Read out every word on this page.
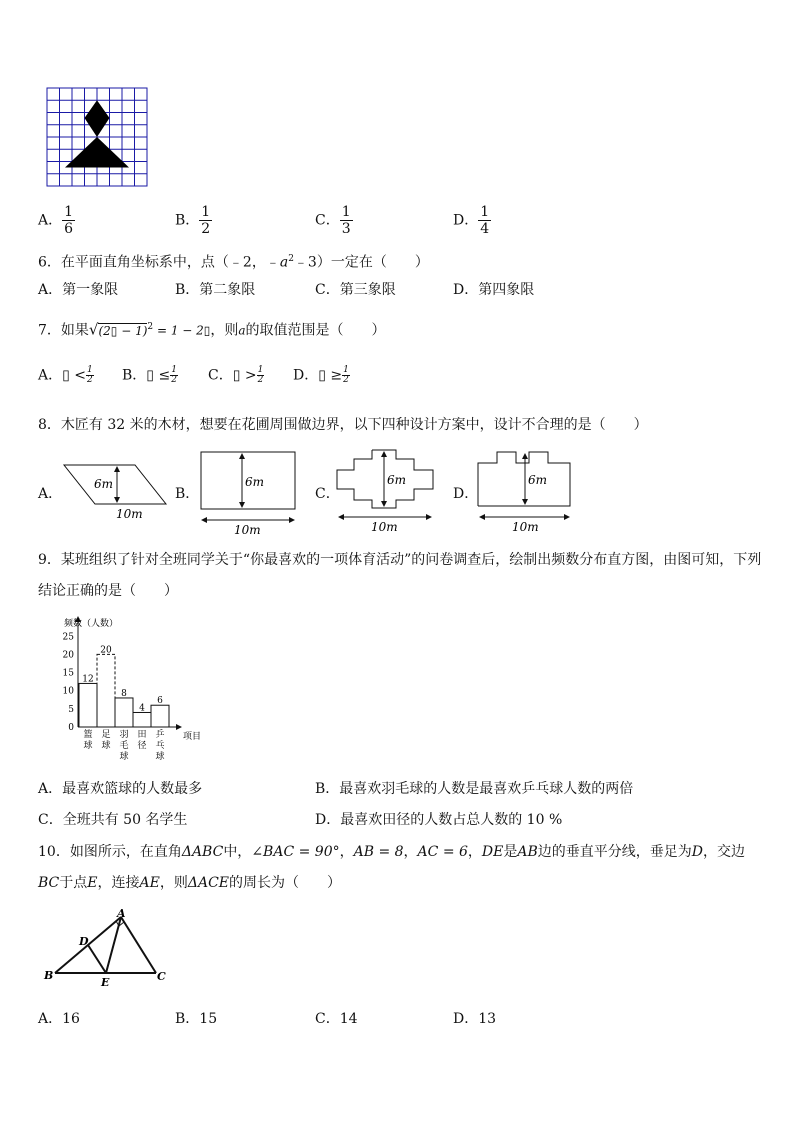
A． $\frac{1}{6}$	B． $\frac{1}{2}$	C． $\frac{1}{3}$	D． $\frac{1}{4}$
6．在平面直角坐标系中，点（﹣2，$﹣a^2﹣3$）一定在（　　）
A．第一象限	B．第二象限	C．第三象限	D．第四象限
7．如果√(2▯ − 1)$^2$ = 1 − 2▯，则a的取值范围是（　　）
A．▯ < $\frac{1}{2}$ B．▯ ≤ $\frac{1}{2}$ C．▯ > $\frac{1}{2}$ D．▯ ≥ $\frac{1}{2}$
8．木匠有 32 米的木材，想要在花圃周围做边界，以下四种设计方案中，设计不合理的是（　　）
A．
6m
10m
B．
6m
10m
C．
6m
10m
D．
6m
10m
9．某班组织了针对全班同学关于“你最喜欢的一项体育活动”的问卷调查后，绘制出频数分布直方图，由图可知，下列
结论正确的是（　　）
频数（人数）
项目
0
5
10
15
20
25
12
篮球
20
足球
8
羽毛球
4
田径
6
乒乓球
A．最喜欢篮球的人数最多	B．最喜欢羽毛球的人数是最喜欢乒乓球人数的两倍
C．全班共有 50 名学生	D．最喜欢田径的人数占总人数的 10 %
10．如图所示，在直角ΔABC中，∠BAC = 90°，AB = 8，AC = 6，DE是AB边的垂直平分线，垂足为D，交边
BC于点E，连接AE，则ΔACE的周长为（　　）
A
B	C
D
E
A．16	B．15	C．14	D．13
